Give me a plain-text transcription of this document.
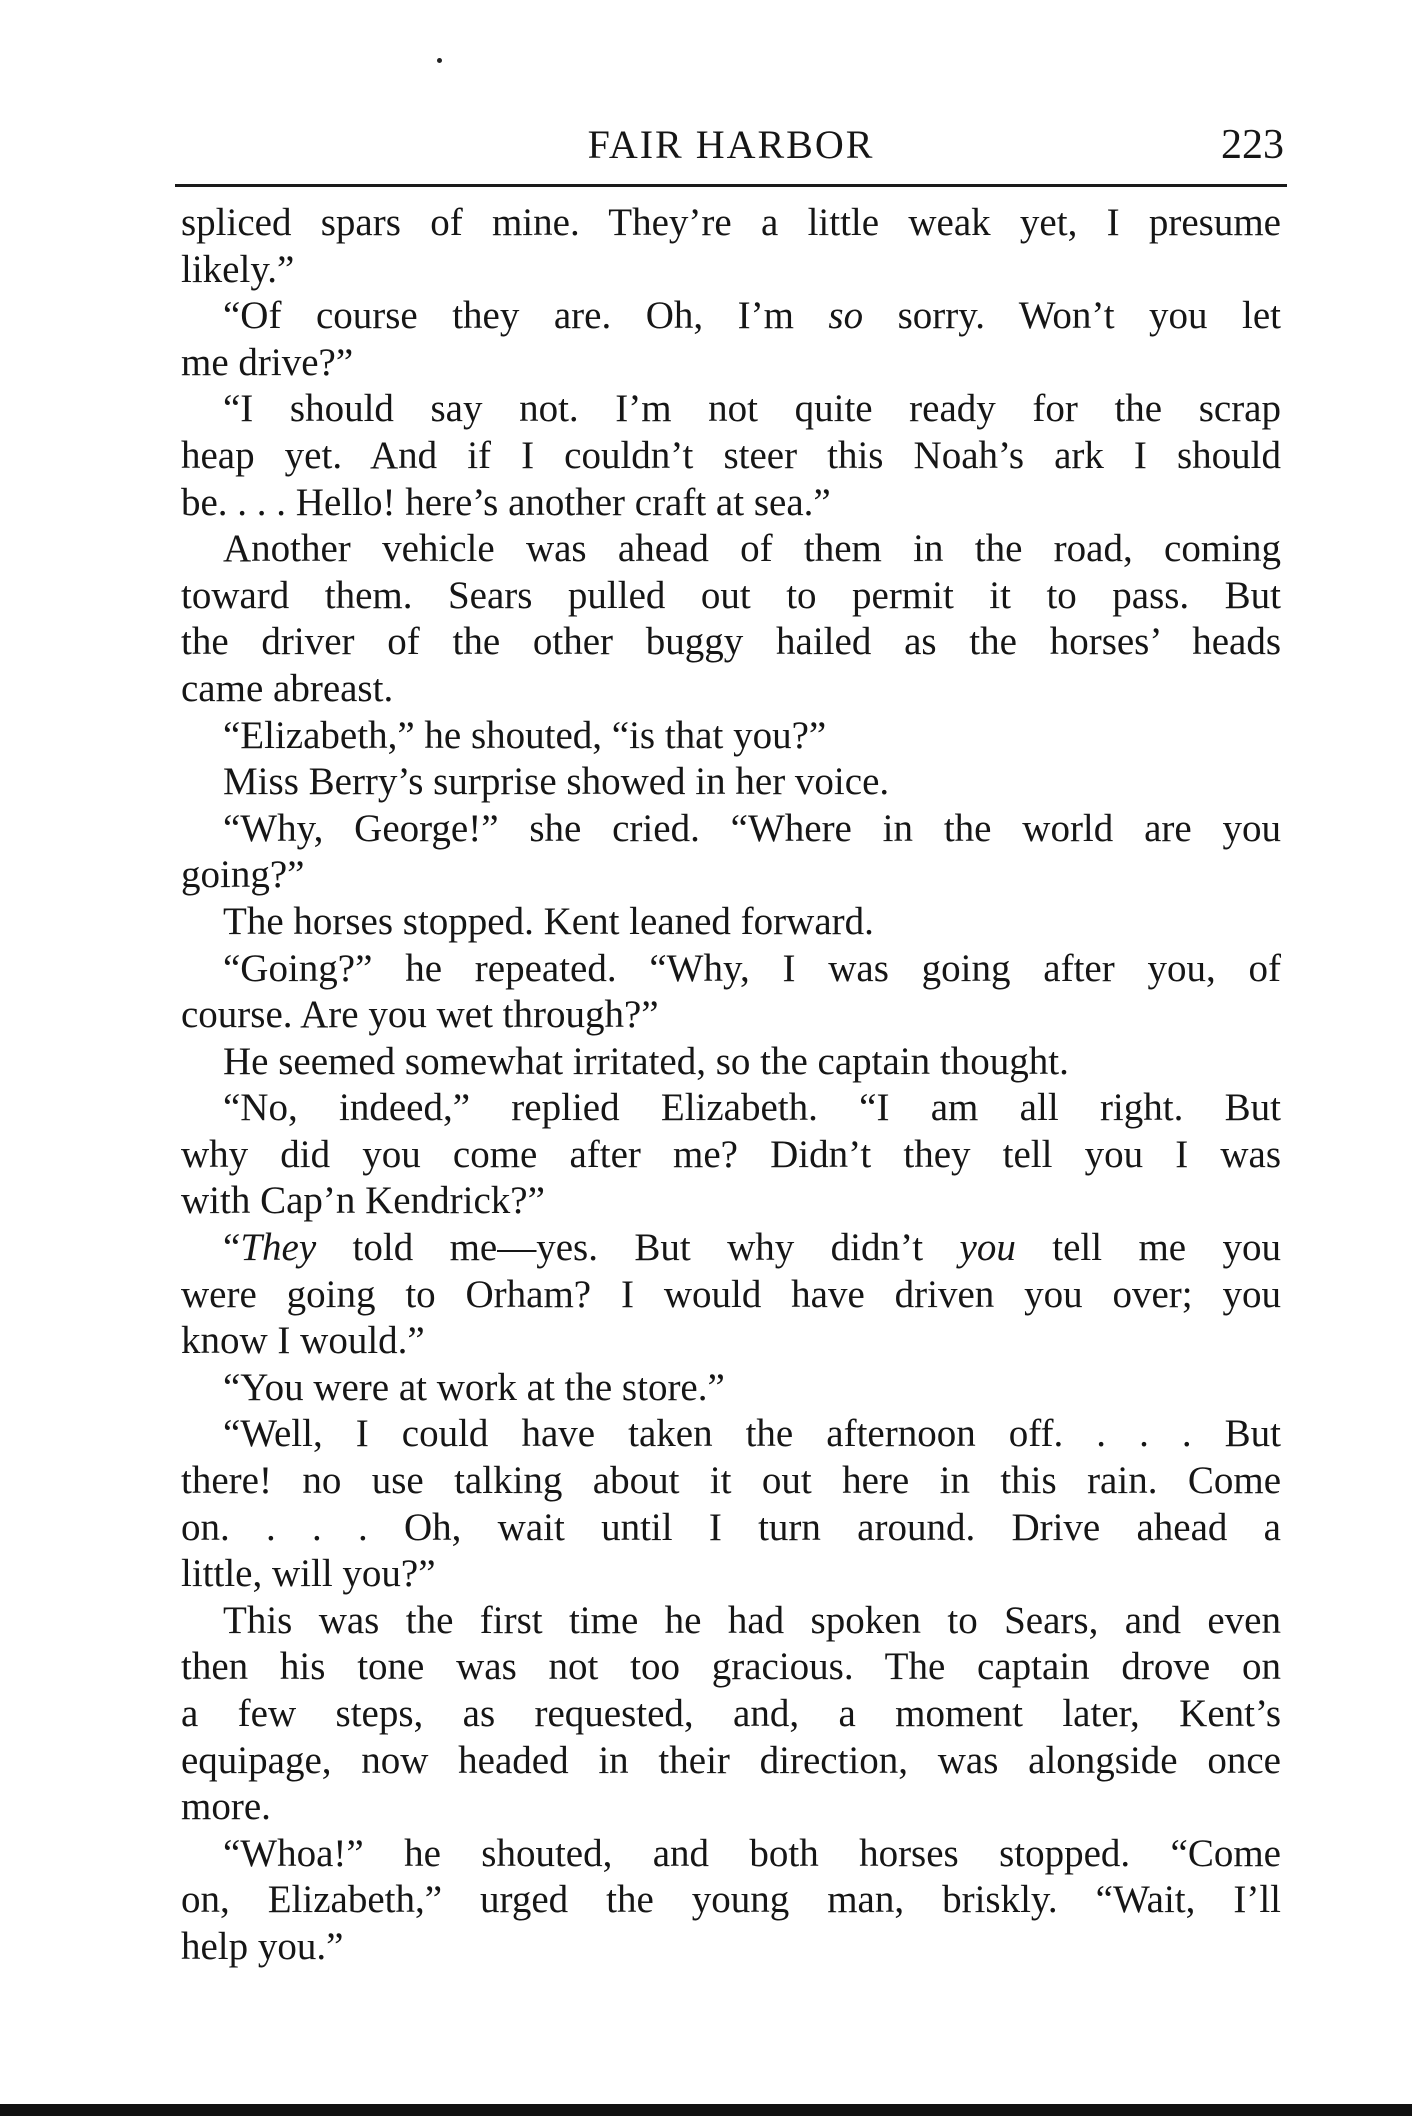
FAIR HARBOR	223
spliced spars of mine. They’re a little weak yet, I presume
likely.”
“Of course they are. Oh, I’m so sorry. Won’t you let
me drive?”
“I should say not. I’m not quite ready for the scrap
heap yet. And if I couldn’t steer this Noah’s ark I should
be. . . . Hello! here’s another craft at sea.”
Another vehicle was ahead of them in the road, coming
toward them. Sears pulled out to permit it to pass. But
the driver of the other buggy hailed as the horses’ heads
came abreast.
“Elizabeth,” he shouted, “is that you?”
Miss Berry’s surprise showed in her voice.
“Why, George!” she cried. “Where in the world are you
going?”
The horses stopped. Kent leaned forward.
“Going?” he repeated. “Why, I was going after you, of
course. Are you wet through?”
He seemed somewhat irritated, so the captain thought.
“No, indeed,” replied Elizabeth. “I am all right. But
why did you come after me? Didn’t they tell you I was
with Cap’n Kendrick?”
“They told me—yes. But why didn’t you tell me you
were going to Orham? I would have driven you over; you
know I would.”
“You were at work at the store.”
“Well, I could have taken the afternoon off. . . . But
there! no use talking about it out here in this rain. Come
on. . . . Oh, wait until I turn around. Drive ahead a
little, will you?”
This was the first time he had spoken to Sears, and even
then his tone was not too gracious. The captain drove on
a few steps, as requested, and, a moment later, Kent’s
equipage, now headed in their direction, was alongside once
more.
“Whoa!” he shouted, and both horses stopped. “Come
on, Elizabeth,” urged the young man, briskly. “Wait, I’ll
help you.”
